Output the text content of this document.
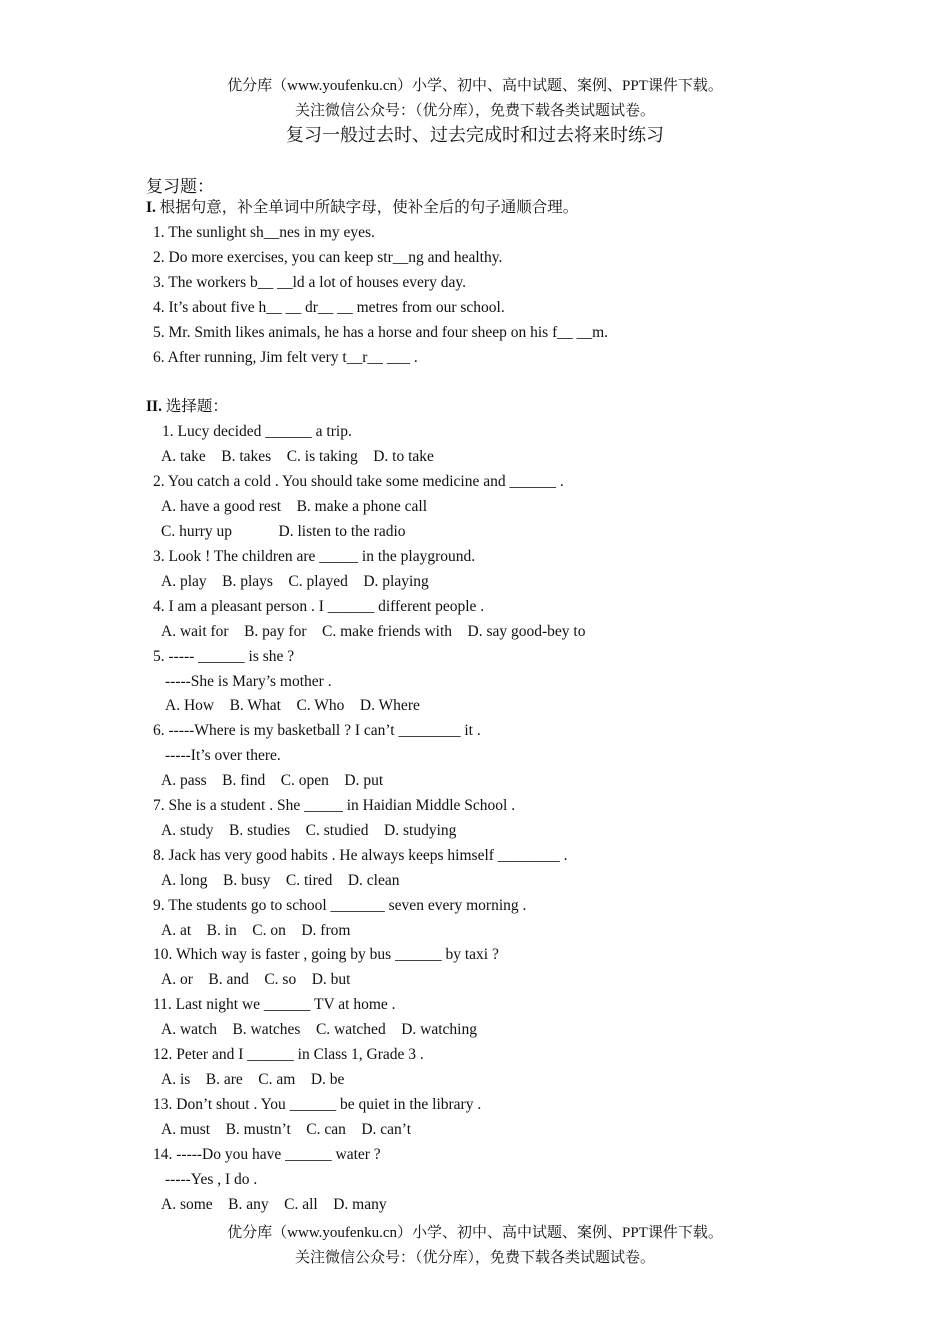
优分库（www.youfenku.cn）小学、初中、高中试题、案例、PPT课件下载。
关注微信公众号：（优分库），免费下载各类试题试卷。
复习一般过去时、过去完成时和过去将来时练习
复习题：
I. 根据句意，补全单词中所缺字母，使补全后的句子通顺合理。
1. The sunlight sh__nes in my eyes.
2. Do more exercises, you can keep str__ng and healthy.
3. The workers b__ __ld a lot of houses every day.
4. It’s about five h__ __ dr__ __ metres from our school.
5. Mr. Smith likes animals, he has a horse and four sheep on his f__ __m.
6. After running, Jim felt very t__r__ ___ .
II. 选择题：
1. Lucy decided ______ a trip.
A. take    B. takes    C. is taking    D. to take
2. You catch a cold . You should take some medicine and ______ .
A. have a good rest    B. make a phone call
C. hurry up            D. listen to the radio
3. Look ! The children are _____ in the playground.
A. play    B. plays    C. played    D. playing
4. I am a pleasant person . I ______ different people .
A. wait for    B. pay for    C. make friends with    D. say good-bey to
5. ----- ______ is she ?
-----She is Mary’s mother .
A. How    B. What    C. Who    D. Where
6. -----Where is my basketball ? I can’t ________ it .
-----It’s over there.
A. pass    B. find    C. open    D. put
7. She is a student . She _____ in Haidian Middle School .
A. study    B. studies    C. studied    D. studying
8. Jack has very good habits . He always keeps himself ________ .
A. long    B. busy    C. tired    D. clean
9. The students go to school _______ seven every morning .
A. at    B. in    C. on    D. from
10. Which way is faster , going by bus ______ by taxi ?
A. or    B. and    C. so    D. but
11. Last night we ______ TV at home .
A. watch    B. watches    C. watched    D. watching
12. Peter and I ______ in Class 1, Grade 3 .
A. is    B. are    C. am    D. be
13. Don’t shout . You ______ be quiet in the library .
A. must    B. mustn’t    C. can    D. can’t
14. -----Do you have ______ water ?
-----Yes , I do .
A. some    B. any    C. all    D. many
优分库（www.youfenku.cn）小学、初中、高中试题、案例、PPT课件下载。
关注微信公众号：（优分库），免费下载各类试题试卷。
